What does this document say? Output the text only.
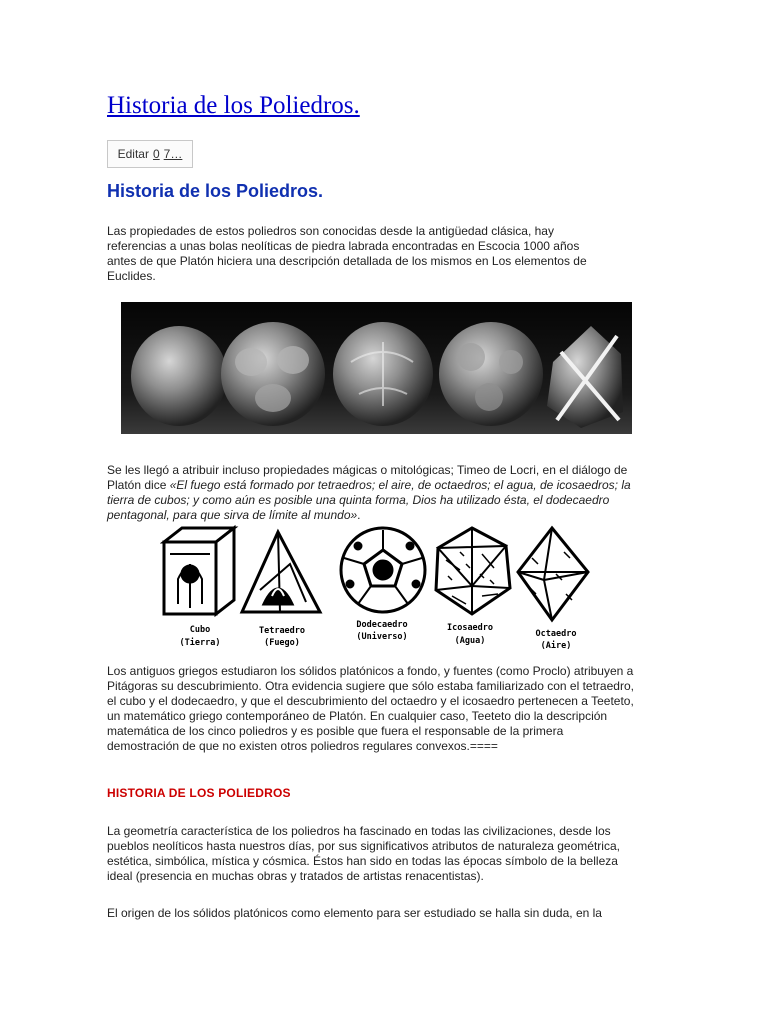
Historia de los Poliedros.
Editar 0 7…
Historia de los Poliedros.
Las propiedades de estos poliedros son conocidas desde la antigüedad clásica, hay
referencias a unas bolas neolíticas de piedra labrada encontradas en Escocia 1000 años
antes de que Platón hiciera una descripción detallada de los mismos en Los elementos de
Euclides.
Se les llegó a atribuir incluso propiedades mágicas o mitológicas; Timeo de Locri, en el diálogo de
Platón dice «El fuego está formado por tetraedros; el aire, de octaedros; el agua, de icosaedros; la
tierra de cubos; y como aún es posible una quinta forma, Dios ha utilizado ésta, el dodecaedro
pentagonal, para que sirva de límite al mundo».
Cubo
(Tierra)
Tetraedro
(Fuego)
Dodecaedro
(Universo)
Icosaedro
(Agua)
Octaedro
(Aire)
Los antiguos griegos estudiaron los sólidos platónicos a fondo, y fuentes (como Proclo) atribuyen a
Pitágoras su descubrimiento. Otra evidencia sugiere que sólo estaba familiarizado con el tetraedro,
el cubo y el dodecaedro, y que el descubrimiento del octaedro y el icosaedro pertenecen a Teeteto,
un matemático griego contemporáneo de Platón. En cualquier caso, Teeteto dio la descripción
matemática de los cinco poliedros y es posible que fuera el responsable de la primera
demostración de que no existen otros poliedros regulares convexos.====
HISTORIA DE LOS POLIEDROS
La geometría característica de los poliedros ha fascinado en todas las civilizaciones, desde los
pueblos neolíticos hasta nuestros días, por sus significativos atributos de naturaleza geométrica,
estética, simbólica, mística y cósmica. Éstos han sido en todas las épocas símbolo de la belleza
ideal (presencia en muchas obras y tratados de artistas renacentistas).
El origen de los sólidos platónicos como elemento para ser estudiado se halla sin duda, en la
